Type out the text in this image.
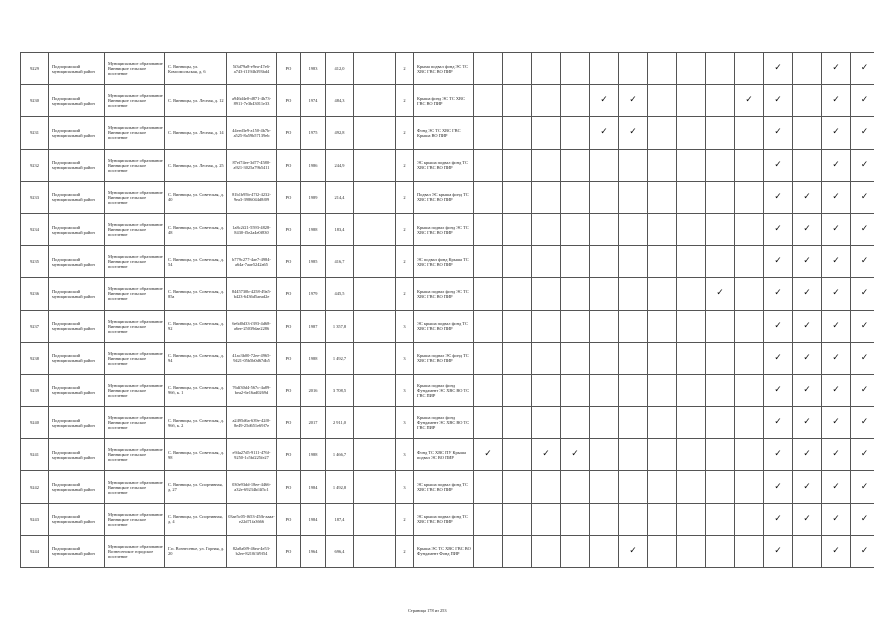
9229	Подпорожский муниципальный район	Муниципальное образование Винницкое сельское поселение	С. Винницы, ул. Комсомольская, д. 6	5f3d79a8-e9ea-47e6-a743-f1194b393bd4	РО	1983	412,0		2	Крыма подвал фонд ЭС ТС ХВС ГВС ВО ПИР											✓		✓	✓
9230	Подпорожский муниципальный район	Муниципальное образование Винницкое сельское поселение	С. Винницы, ул. Лесная, д. 12	a946d4e0-d871-4b73-8911-7e3b43011e33	РО	1974	484,3		2	Крыша фонд ЭС ТС ХВС ГВС ВО ПИР					✓	✓				✓	✓		✓	✓
9231	Подпорожский муниципальный район	Муниципальное образование Винницкое сельское поселение	С. Винницы, ул. Лесная, д. 14	44eed3e9-a150-4b7b-a525-8a59b57139eb	РО	1975	492,8		2	Фонд ЭС ТС ХВС ГВС Крыша ВО ПИР					✓	✓					✓		✓	✓
9232	Подпорожский муниципальный район	Муниципальное образование Винницкое сельское поселение	С. Винницы, ул. Лесная, д. 25	87ef74ee-3d77-4580-a921-3025a79b5411	РО	1986	244,9		2	ЭС крыша подвал фонд ТС ХВС ГВС ВО ПИР											✓		✓	✓
9233	Подпорожский муниципальный район	Муниципальное образование Винницкое сельское поселение	С. Винницы, ул. Советская, д. 40	81b1b95b-47f2-4232-9ea3-3986044d8f09	РО	1989	214,4		2	Подвал ЭС крыша фонд ТС ХВС ГВС ВО ПИР											✓	✓	✓	✓
9234	Подпорожский муниципальный район	Муниципальное образование Винницкое сельское поселение	С. Винницы, ул. Советская, д. 48	1a8c2f21-5593-4828-8430-f5e2a4e0f830	РО	1988	183,4		2	Крыша подвал фонд ЭС ТС ХВС ГВС ВО ПИР											✓	✓	✓	✓
9235	Подпорожский муниципальный район	Муниципальное образование Винницкое сельское поселение	С. Винницы, ул. Советская, д. 54	b779c277-4ae7-4984-a64a-7aae5242a65	РО	1985	416,7		2	ЭС подвал фонд Крыша ТС ХВС ГВС ВО ПИР											✓	✓	✓	✓
9236	Подпорожский муниципальный район	Муниципальное образование Винницкое сельское поселение	С. Винницы, ул. Советская, д. 85а	8445730b-4258-49a5-b423-6436d5aead2e	РО	1979	445,5		2	Крыша подвал фонд ЭС ТС ХВС ГВС ВО ПИР									✓		✓	✓	✓	✓
9237	Подпорожский муниципальный район	Муниципальное образование Винницкое сельское поселение	С. Винницы, ул. Советская, д. 92	6e6d0d33-f393-4d68-a6ee-25039dae2286	РО	1987	1 357,8		3	ЭС крыша подвал фонд ТС ХВС ГВС ВО ПИР											✓	✓	✓	✓
9238	Подпорожский муниципальный район	Муниципальное образование Винницкое сельское поселение	С. Винницы, ул. Советская, д. 94	41ac3b00-72ee-4965-9421-05b5b0d67db5	РО	1988	1 492,7		3	Крыша подвал ЭС фонд ТС ХВС ГВС ВО ПИР											✓	✓	✓	✓
9239	Подпорожский муниципальный район	Муниципальное образование Винницкое сельское поселение	С. Винницы, ул. Советская, д. 96б, к. 1	76df30d4-567c-4a89-bea2-6e16ad0269d	РО	2016	3 708,5		3	Крыша подвал фонд Фундамент ЭС ХВС ВО ТС ГВС ПИР											✓	✓	✓	✓
9240	Подпорожский муниципальный район	Муниципальное образование Винницкое сельское поселение	С. Винницы, ул. Советская, д. 96б, к. 2	a2495d6a-639e-42f0-8e49-25d651e69f7e	РО	2017	2 911,0		3	Крыша подвал фонд Фундамент ЭС ХВС ВО ТС ГВС ПИР											✓	✓	✓	✓
9241	Подпорожский муниципальный район	Муниципальное образование Винницкое сельское поселение	С. Винницы, ул. Советская, д. 98	e94a27d5-9111-476f-9250-1c5bf225fe27	РО	1988	1 466,7		3	Фонд ТС ХВС ПУ Крыша подвал ЭС ВО ПИР	✓		✓	✓							✓	✓	✓	✓
9242	Подпорожский муниципальный район	Муниципальное образование Винницкое сельское поселение	С. Винницы, ул. Спортивная, д. 27	030e93dd-18ee-4466-a32e-69234bf4f5c1	РО	1984	1 492,8		3	ЭС крыша подвал фонд ТС ХВС ГВС ВО ПИР											✓	✓	✓	✓
9243	Подпорожский муниципальный район	Муниципальное образование Винницкое сельское поселение	С. Винницы, ул. Спортивная, д. 4	03ae5c05-f653-45fb-aaaa-e22d71fa3666	РО	1984	187,4		2	ЭС крыша подвал фонд ТС ХВС ГВС ВО ПИР											✓	✓	✓	✓
9244	Подпорожский муниципальный район	Муниципальное образование Вознесенское городское поселение	Г.п. Вознесенье, ул. Горная, д. 20	82a0a0f9-46ea-4e53-b2ee-8210f3f9f54	РО	1964	696,4		2	Крыша ЭС ТС ХВС ГВС ВО Фундамент Фонд ПИР						✓					✓		✓	✓
Страница 178 из 253
